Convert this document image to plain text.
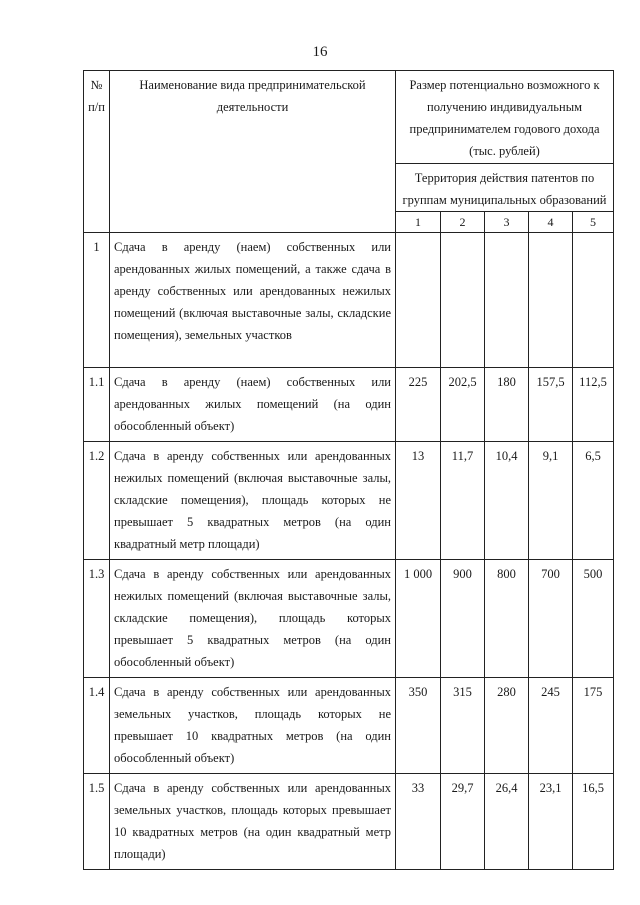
16
№ п/п	Наименование вида предпринимательской деятельности	Размер потенциально возможного к получению индивидуальным предпринимателем годового дохода (тыс. рублей)				
		Территория действия патентов по группам муниципальных образований				
		1	2	3	4	5
1	Сдача в аренду (наем) собственных или арендованных жилых помещений, а также сдача в аренду собственных или арендованных нежилых помещений (включая выставочные залы, складские помещения), земельных участков					
1.1	Сдача в аренду (наем) собственных или арендованных жилых помещений (на один обособленный объект)	225	202,5	180	157,5	112,5
1.2	Сдача в аренду собственных или арендованных нежилых помещений (включая выставочные залы, складские помещения), площадь которых не превышает 5 квадратных метров (на один квадратный метр площади)	13	11,7	10,4	9,1	6,5
1.3	Сдача в аренду собственных или арендованных нежилых помещений (включая выставочные залы, складские помещения), площадь которых превышает 5 квадратных метров (на один обособленный объект)	1 000	900	800	700	500
1.4	Сдача в аренду собственных или арендованных земельных участков, площадь которых не превышает 10 квадратных метров (на один обособленный объект)	350	315	280	245	175
1.5	Сдача в аренду собственных или арендованных земельных участков, площадь которых превышает 10 квадратных метров (на один квадратный метр площади)	33	29,7	26,4	23,1	16,5
